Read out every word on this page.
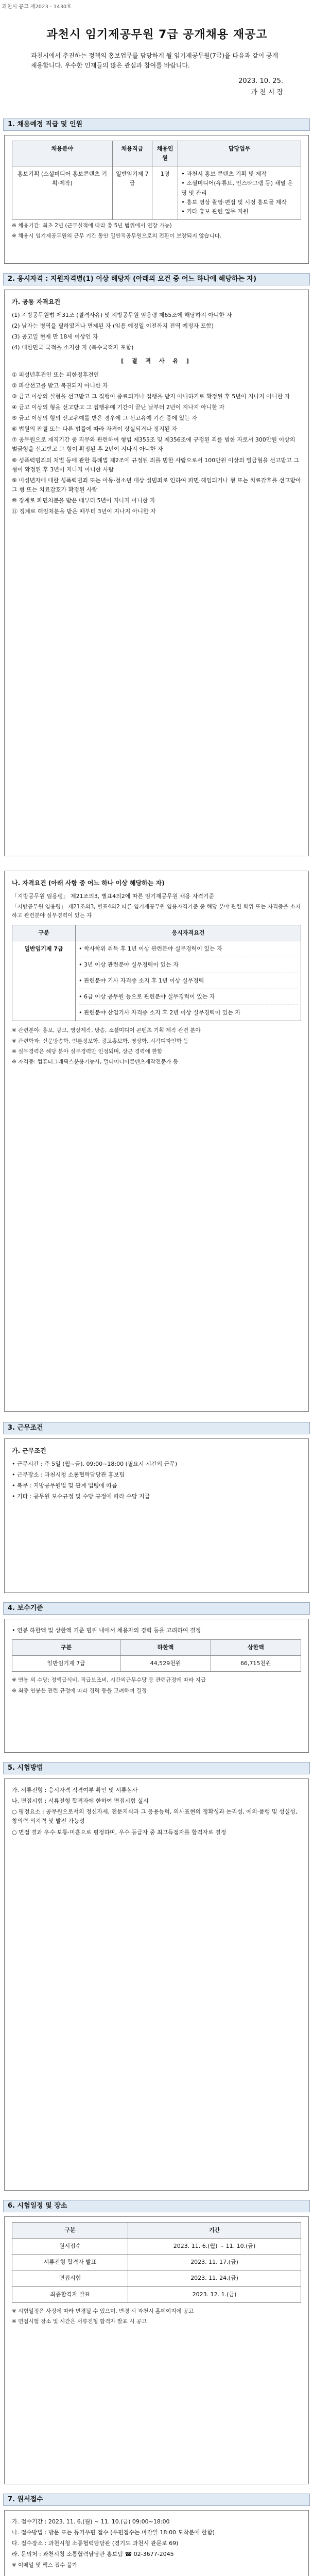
과천시 공고 제2023 - 1430호
과천시 임기제공무원 7급 공개채용 재공고
과천시에서 추진하는 정책의 홍보업무를 담당하게 될 임기제공무원(7급)을 다음과 같이 공개채용합니다. 우수한 인재들의 많은 관심과 참여를 바랍니다.
2023. 10. 25.
과 천 시 장
1. 채용예정 직급 및 인원
채용분야	채용직급	채용인원	담당업무
홍보기획 (소셜미디어 홍보콘텐츠 기획·제작)	일반임기제 7급	1명	• 과천시 홍보 콘텐츠 기획 및 제작
• 소셜미디어(유튜브, 인스타그램 등) 채널 운영 및 관리
• 홍보 영상 촬영·편집 및 시정 홍보물 제작
• 기타 홍보 관련 업무 지원

※ 채용기간: 최초 2년 (근무실적에 따라 총 5년 범위에서 연장 가능)

※ 채용시 임기제공무원의 근무 기간 동안 일반직공무원으로의 전환이 보장되지 않습니다.

2. 응시자격 : 지원자격별(1) 이상 해당자 (아래의 요건 중 어느 하나에 해당하는 자)
가. 공통 자격요건

(1) 지방공무원법 제31조 (결격사유) 및 지방공무원 임용령 제65조에 해당하지 아니한 자

(2) 남자는 병역을 필하였거나 면제된 자 (임용 예정일 이전까지 전역 예정자 포함)

(3) 공고일 현재 만 18세 이상인 자

(4) 대한민국 국적을 소지한 자 (복수국적자 포함)

[ 결 격 사 유 ]

① 피성년후견인 또는 피한정후견인

② 파산선고를 받고 복권되지 아니한 자

③ 금고 이상의 실형을 선고받고 그 집행이 종료되거나 집행을 받지 아니하기로 확정된 후 5년이 지나지 아니한 자

④ 금고 이상의 형을 선고받고 그 집행유예 기간이 끝난 날부터 2년이 지나지 아니한 자

⑤ 금고 이상의 형의 선고유예를 받은 경우에 그 선고유예 기간 중에 있는 자

⑥ 법원의 판결 또는 다른 법률에 따라 자격이 상실되거나 정지된 자

⑦ 공무원으로 재직기간 중 직무와 관련하여 형법 제355조 및 제356조에 규정된 죄를 범한 자로서 300만원 이상의 벌금형을 선고받고 그 형이 확정된 후 2년이 지나지 아니한 자

⑧ 성폭력범죄의 처벌 등에 관한 특례법 제2조에 규정된 죄를 범한 사람으로서 100만원 이상의 벌금형을 선고받고 그 형이 확정된 후 3년이 지나지 아니한 사람

⑨ 미성년자에 대한 성폭력범죄 또는 아동·청소년 대상 성범죄로 인하여 파면·해임되거나 형 또는 치료감호를 선고받아 그 형 또는 치료감호가 확정된 사람

⑩ 징계로 파면처분을 받은 때부터 5년이 지나지 아니한 자

⑪ 징계로 해임처분을 받은 때부터 3년이 지나지 아니한 자

나. 자격요건 (아래 사항 중 어느 하나 이상 해당하는 자)

「지방공무원 임용령」 제21조의3, 별표4의2에 따른 임기제공무원 채용 자격기준

「지방공무원 임용령」 제21조의3, 별표4의2 따른 임기제공무원 임용자격기준 중 해당 분야 관련 학위 또는 자격증을 소지하고 관련분야 실무경력이 있는 자

구분	응시자격요건
일반임기제 7급	• 학사학위 취득 후 1년 이상 관련분야 실무경력이 있는 자
• 3년 이상 관련분야 실무경력이 있는 자
• 관련분야 기사 자격증 소지 후 1년 이상 실무경력
• 6급 이상 공무원 등으로 관련분야 실무경력이 있는 자
• 관련분야 산업기사 자격증 소지 후 2년 이상 실무경력이 있는 자

※ 관련분야: 홍보, 광고, 영상제작, 방송, 소셜미디어 콘텐츠 기획·제작 관련 분야

※ 관련학과: 신문방송학, 언론정보학, 광고홍보학, 영상학, 시각디자인학 등

※ 실무경력은 해당 분야 실무경력만 인정되며, 상근 경력에 한함

※ 자격증: 컴퓨터그래픽스운용기능사, 멀티미디어콘텐츠제작전문가 등

3. 근무조건
가. 근무조건

• 근무시간 : 주 5일 (월~금), 09:00~18:00 (필요시 시간외 근무)

• 근무장소 : 과천시청 소통협력담당관 홍보팀

• 복무 : 지방공무원법 및 관계 법령에 따름

• 기타 : 공무원 보수규정 및 수당 규정에 따라 수당 지급

4. 보수기준

• 연봉 하한액 및 상한액 기준 범위 내에서 채용자의 경력 등을 고려하여 결정

구분	하한액	상한액
일반임기제 7급	44,529천원	66,715천원

※ 연봉 외 수당: 정액급식비, 직급보조비, 시간외근무수당 등 관련규정에 따라 지급

※ 최종 연봉은 관련 규정에 따라 경력 등을 고려하여 결정

5. 시험방법

가. 서류전형 : 응시자격 적격여부 확인 및 서류심사

나. 면접시험 : 서류전형 합격자에 한하여 면접시험 실시

○ 평정요소 : 공무원으로서의 정신자세, 전문지식과 그 응용능력, 의사표현의 정확성과 논리성, 예의·품행 및 성실성, 창의력·의지력 및 발전 가능성

○ 면접 결과 우수·보통·미흡으로 평정하며, 우수 등급자 중 최고득점자를 합격자로 결정

6. 시험일정 및 장소
구분	기간
원서접수	2023. 11. 6.(월) ~ 11. 10.(금)
서류전형 합격자 발표	2023. 11. 17.(금)
면접시험	2023. 11. 24.(금)
최종합격자 발표	2023. 12. 1.(금)

※ 시험일정은 사정에 따라 변경될 수 있으며, 변경 시 과천시 홈페이지에 공고

※ 면접시험 장소 및 시간은 서류전형 합격자 발표 시 공고

7. 원서접수

가. 접수기간 : 2023. 11. 6.(월) ~ 11. 10.(금) 09:00~18:00

나. 접수방법 : 방문 또는 등기우편 접수 (우편접수는 마감일 18:00 도착분에 한함)

다. 접수장소 : 과천시청 소통협력담당관 (경기도 과천시 관문로 69)

라. 문의처 : 과천시청 소통협력담당관 홍보팀 ☎ 02-3677-2045

※ 이메일 및 팩스 접수 불가
